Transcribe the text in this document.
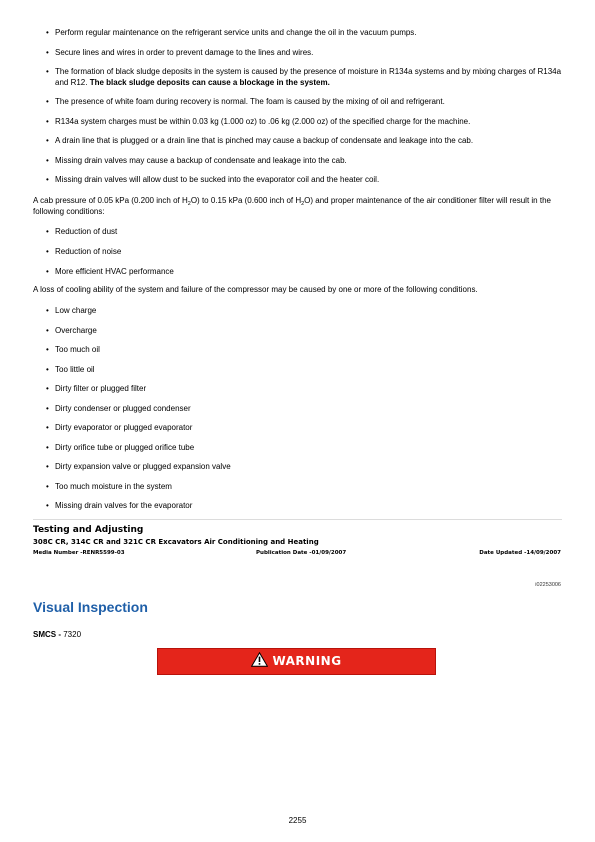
• Perform regular maintenance on the refrigerant service units and change the oil in the vacuum pumps.
• Secure lines and wires in order to prevent damage to the lines and wires.
• The formation of black sludge deposits in the system is caused by the presence of moisture in R134a systems and by mixing charges of R134a and R12. The black sludge deposits can cause a blockage in the system.
• The presence of white foam during recovery is normal. The foam is caused by the mixing of oil and refrigerant.
• R134a system charges must be within 0.03 kg (1.000 oz) to .06 kg (2.000 oz) of the specified charge for the machine.
• A drain line that is plugged or a drain line that is pinched may cause a backup of condensate and leakage into the cab.
• Missing drain valves may cause a backup of condensate and leakage into the cab.
• Missing drain valves will allow dust to be sucked into the evaporator coil and the heater coil.

A cab pressure of 0.05 kPa (0.200 inch of H2O) to 0.15 kPa (0.600 inch of H2O) and proper maintenance of the air conditioner filter will result in the following conditions:

• Reduction of dust
• Reduction of noise
• More efficient HVAC performance

A loss of cooling ability of the system and failure of the compressor may be caused by one or more of the following conditions.

• Low charge
• Overcharge
• Too much oil
• Too little oil
• Dirty filter or plugged filter
• Dirty condenser or plugged condenser
• Dirty evaporator or plugged evaporator
• Dirty orifice tube or plugged orifice tube
• Dirty expansion valve or plugged expansion valve
• Too much moisture in the system
• Missing drain valves for the evaporator
Testing and Adjusting
308C CR, 314C CR and 321C CR Excavators Air Conditioning and Heating
Media Number -RENR5599-03	Publication Date -01/09/2007	Date Updated -14/09/2007
i02253006
Visual Inspection
SMCS - 7320
WARNING
2255
